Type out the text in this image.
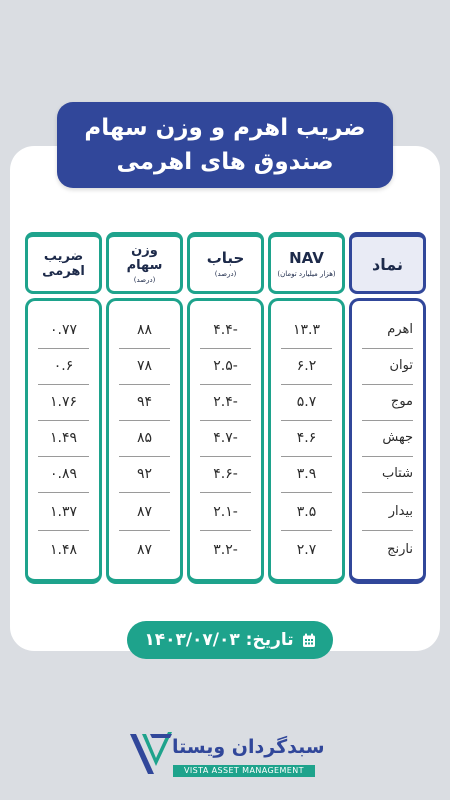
ضریب اهرم و وزن سهام
صندوق های اهرمی
ضریب
اهرمی
۰.۷۷
۰.۶
۱.۷۶
۱.۴۹
۰.۸۹
۱.۳۷
۱.۴۸
وزن
سهام
(درصد)
۸۸
۷۸
۹۴
۸۵
۹۲
۸۷
۸۷
حباب
(درصد)
-۴.۴
-۲.۵
-۲.۴
-۴.۷
-۴.۶
-۲.۱
-۳.۲
NAV
(هزار میلیارد تومان)
۱۳.۳
۶.۲
۵.۷
۴.۶
۳.۹
۳.۵
۲.۷
نماد
اهرم
توان
موج
جهش
شتاب
بیدار
نارنج
تاریخ: ۱۴۰۳/۰۷/۰۳
سبدگردان ویستا
VISTA ASSET MANAGEMENT
